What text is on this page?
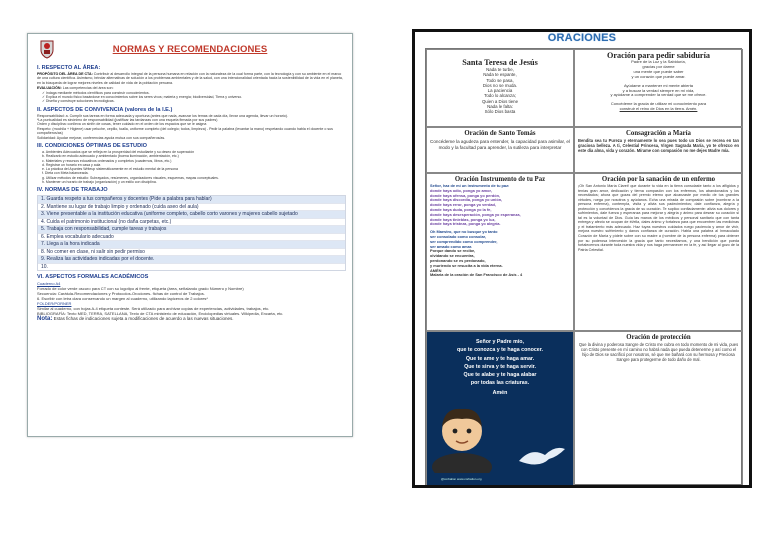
NORMAS Y RECOMENDACIONES
I. RESPECTO AL ÁREA:
PROPÓSITO DEL ÁREA DE CTA: Contribuir al desarrollo integral de la persona humana en relación con la naturaleza de la cual forma parte, con la tecnología y con su ambiente en el marco de una cultura científica. Asimismo, brindar alternativas de solución a los problemas ambientales y de la salud, con una intencionalidad orientada hacia la sostenibilidad de la vida en el planeta, en la búsqueda de lograr mejores niveles de calidad de vida de la población peruana.
EVALUACIÓN: Las competencias del área son:
✓ Indaga mediante métodos científicos para construir conocimientos.
✓ Explica el mundo físico basándose en conocimientos sobre los seres vivos; materia y energía; biodiversidad, Tierra y universo.
✓ Diseña y construye soluciones tecnológicas.
II. ASPECTOS DE CONVIVENCIA (valores de la I.E.)
Responsabilidad: a. Cumplir sus tareas en forma adecuada y oportuna (antes que nada, avanzar los temas de cada día, llevar una agenda, llevar un horario).
*La puntualidad es sinónimo de responsabilidad (justificar las tardanzas con una esquela firmada por sus padres)
Orden y disciplina: conlleva un sinfín de cosas, tener cuidado en el orden de los espacios que se le asigna
Respeto: (mochila + Higiene) usar peluche, cepillo, toalla, uniforme completo (del colegio; todos, limpieza) - Pedir la palabra (levantar la mano) respetando cuando habla el docente o sus compañeros/as)
Solidaridad: Ayudar mejorar, conferencias ayuda mutua con sus compañeros/as.
III. CONDICIONES ÓPTIMAS DE ESTUDIO
a. Ambientes Adecuados que se refleja en la prosperidad del estudiante y su deseo de superación
b. Realizarlo en estudio adecuado y ambientado (buena iluminación, ambientación, etc.)
c. Materiales y recursos educativos ordenados y completos (cuadernos, libros, etc.)
d. Registrar un horario en casa y aula
e. La práctica del Apuntes Writeup sistemáticamente en el estudio mental de la persona
f. Dieta con Meta balanceada.
g. Utilizar métodos de estudio: Subrayados, resúmenes, organizadores visuales, esquemas, mapas conceptuales.
h. Mantener un horario de trabajo (organización) y un estilo con disciplina.
IV. NORMAS DE TRABAJO
1. Guarda respeto a tus compañeros y docentes (Pide a palabra para hablar)
2. Mantiene su lugar de trabajo limpio y ordenado (cuida aseo del aula)
3. Viene presentable a la institución educativa (uniforme completo, cabello corto varones y mujeres cabello sujetado
4. Cuida el patrimonio institucional (no daña carpetas, etc.)
5. Trabaja con responsabilidad, cumple tareas y trabajos
6. Emplea vocabulario adecuado
7. Llega a la hora indicada
8. No comer en clase, ni salir sin pedir permiso
9. Realiza las actividades indicadas por el docente.
10.
VI. ASPECTOS FORMALES ACADÉMICOS
Cuaderno A4
Forrado de color verde oscuro para CT con su logotipo al frente, etiqueta (área, señalando grado Número y Nombre)
Secuencia: Carátula-Recomendaciones y Protocolos-Orociones- fichas de control de Trabajos.
6. Escribir con letra clara conservando un margen al cuaderno, utilizando lapiceros de 2 colores*
FOLDER/PORNER
Similar al cuaderno, con hojas A-4 etiqueta conteste. Será utilizado para archivar copias de experiencias, actividades, trabajos, etc.
BIBLIOGRAFÍA: Texto MED, TERRA, SATELLANA, Texto de CTA ministerio de educación, Enciclopedias virtuales. Wikipedia, Encarta, etc.
Nota: Estas fichas de indicaciones sujeta a modificaciones de acuerdo a las nuevas situaciones.
ORACIONES
Santa Teresa de Jesús
Nada te turbe,
Nada te espante,
Todo se pasa,
Dios no se muda.
La paciencia
Todo lo alcanza;
Quien a Dios tiene
Nada le falta:
Sólo Dios basta
Oración para pedir sabiduría
Padre de la Luz y la Sabiduría,
gracias por darme
una mente que puede saber
y un corazón que puede amar.
Ayúdame a mantener mi mente abierta
y a buscar la verdad siempre en mi vida,
y ayúdame a comprender la verdad que se me ofrece.
Concédeme la gracia de utilizar mi conocimiento para
construir el reino de Dios en la tierra. Amén.
Oración de Santo Tomás
Concédeme la agudeza para entender, la capacidad para asimilar, el modo y la facultad para aprender, la sutileza para interpretar
Consagración a María
Bendita sea tu Pureza y eternamente lo sea pues todo un Dios se recrea en tan graciosa belleza. A ti, Celestial Princesa, Virgen Sagrada María, yo te ofrezco en este día alma, vida y corazón. Mírame con compasión no me dejes Madre mía.
Oración Instrumento de tu Paz
Señor, haz de mí un instrumento de tu paz:
donde haya odio, ponga yo amor,
donde haya ofensa, ponga yo perdón,
donde haya discordia, ponga yo unión,
donde haya error, ponga yo verdad,
donde haya duda, ponga yo la fe,
donde haya desesperación, ponga yo esperanza,
donde haya tinieblas, ponga yo luz,
donde haya tristeza, ponga yo alegría.
Oh Maestro, que no busque yo tanto
ser consolado como consolar,
ser comprendido como comprender,
ser amado como amar.
Porque dando se recibe,
olvidando se encuentra,
perdonando se es perdonado,
y muriendo se resucita a la vida eterna.
AMÉN
Malaria de la oración de San Francisco de Asís - 4
Oración por la sanación de un enfermo
¡Oh San Antonio María Claret! que durante tu vida en la tierra consolaste tanto a los afligidos y tenías gran amor, dedicación y tierna compasión con los enfermos, los abandonados y los necesitados; ahora que gozas del premio eterno que alcanzaste por medio de tus grandes virtudes, ruega por nosotros y ayúdanos. Echa una mirada de compasión sobre (nombrar a la persona enferma), contempla, visita y alivia sus padecimientos; dale confianza, alegría y protección y concédenos la gracia de su curación. Te suplico confiadamente: alivia sus dolores y sufrimientos, dale fuerza y esperanza para mejorar y alegría y ánimo para desear su curación si tal es la voluntad de Dios. Guía las manos de los médicos y personal sanitario que con tanta entrega y afecto se ocupan de él/ella, dales ánimo y fortaleza para que encuentren las medicinas y el tratamiento más adecuado. Haz tuyas nuestros cuidados ruego paciencia y amor de vivir, mejora nuestro sufrimiento y danos confianza de curación. Habla una palabra al Inmaculado Corazón de María y pídele sobre con su madre a (nombre de la persona enferma) para obtener por su poderosa intercesión la gracia que tanto necesitamos, y una bendición que pueda fortalecernos durante toda nuestra vida y nos haga permanecer en la fe, y así llegar al gozo de la Patria Celestial.
Señor y Padre mío,
que te conozca y te haga conocer.
Que te ame y te haga amar.
Que te sirva y te haga servir.
Que te alabe y te haga alabar
por todas las criaturas.
Amén
@corbalion www.corbalion.org
Oración de protección
Que la divina y poderosa Sangre de Cristo me cubra en todo momento de mi vida, pues con Cristo presente en mí camino no habrá nada que pueda detenerme y así como el hijo de Dios se sacrificó por nosotros, sé que me bañará con su hermosa y Preciosa Sangre para protegerme de todo daño de mal.
